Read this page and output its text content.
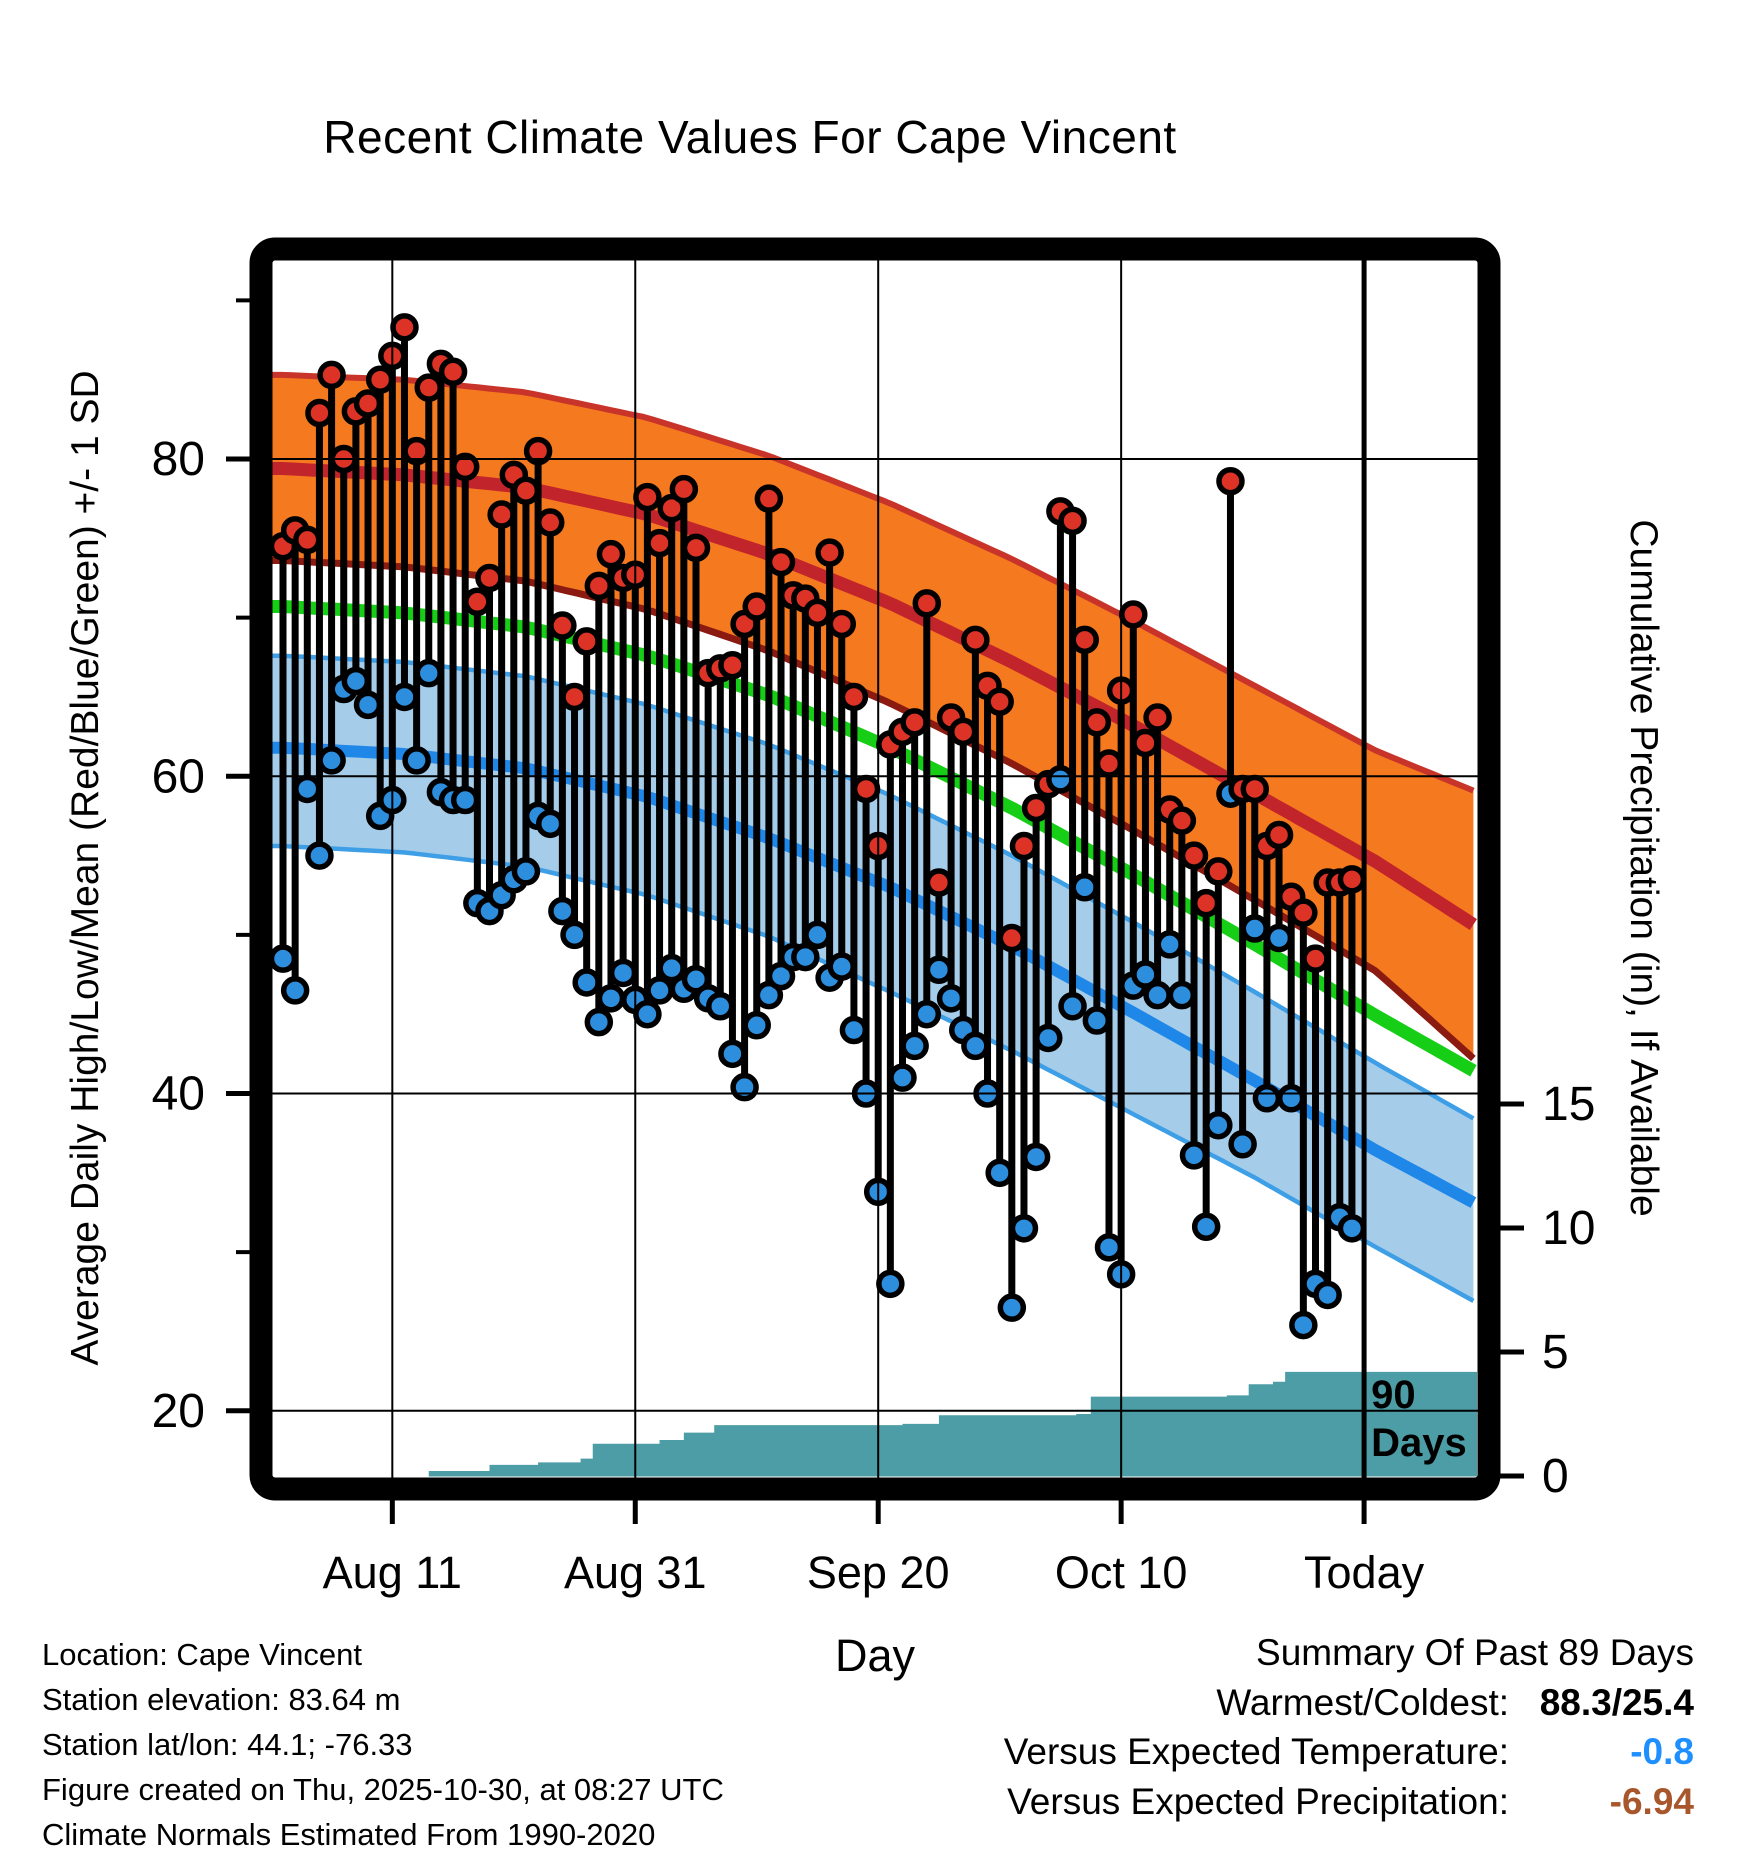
90
Days
20
40
60
80
0
5
10
15
Aug 11 Aug 31 Sep 20 Oct 10	Today
Recent Climate Values For Cape Vincent
Average Daily High/Low/Mean (Red/Blue/Green) +/- 1 SD	Cumulative Precipitation (in), If Available
Day
Location: Cape Vincent
Station elevation: 83.64 m
Station lat/lon: 44.1; -76.33
Figure created on Thu, 2025-10-30, at 08:27 UTC
Climate Normals Estimated From 1990-2020
Summary Of Past 89 Days
Warmest/Coldest: 88.3/25.4
Versus Expected Temperature:	-0.8
Versus Expected Precipitation:	-6.94
